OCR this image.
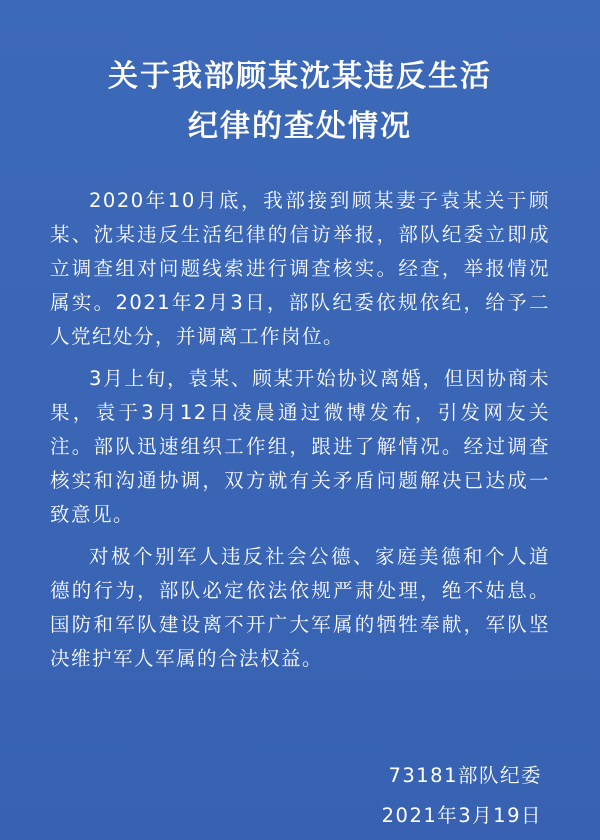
关于我部顾某沈某违反生活
纪律的查处情况

2020年10月底，我部接到顾某妻子袁某关于顾某、沈某违反生活纪律的信访举报，部队纪委立即成立调查组对问题线索进行调查核实。经查，举报情况属实。2021年2月3日，部队纪委依规依纪，给予二人党纪处分，并调离工作岗位。

3月上旬，袁某、顾某开始协议离婚，但因协商未果，袁于3月12日凌晨通过微博发布，引发网友关注。部队迅速组织工作组，跟进了解情况。经过调查核实和沟通协调，双方就有关矛盾问题解决已达成一致意见。

对极个别军人违反社会公德、家庭美德和个人道德的行为，部队必定依法依规严肃处理，绝不姑息。国防和军队建设离不开广大军属的牺牲奉献，军队坚决维护军人军属的合法权益。

73181部队纪委
2021年3月19日
